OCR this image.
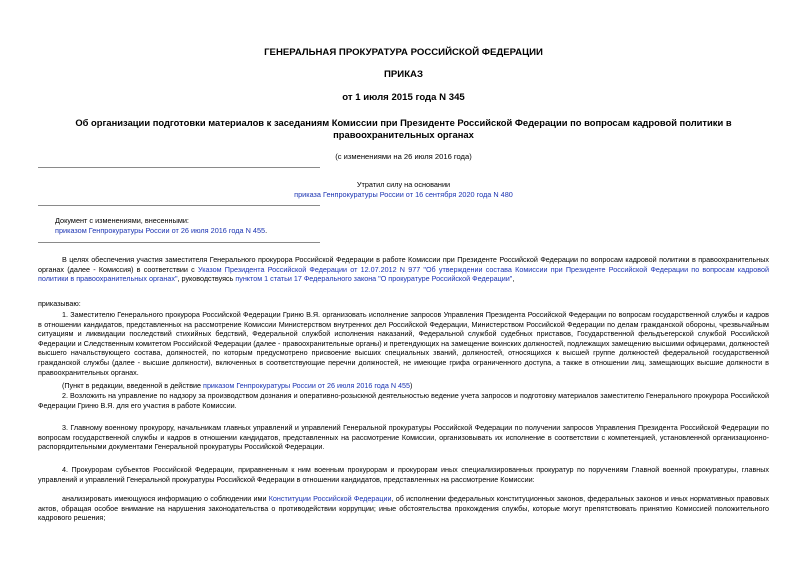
ГЕНЕРАЛЬНАЯ ПРОКУРАТУРА РОССИЙСКОЙ ФЕДЕРАЦИИ
ПРИКАЗ
от 1 июля 2015 года N 345
Об организации подготовки материалов к заседаниям Комиссии при Президенте Российской Федерации по вопросам кадровой политики в правоохранительных органах
(с изменениями на 26 июля 2016 года)
Утратил силу на основании
приказа Генпрокуратуры России от 16 сентября 2020 года N 480
Документ с изменениями, внесенными:
приказом Генпрокуратуры России от 26 июля 2016 года N 455.
В целях обеспечения участия заместителя Генерального прокурора Российской Федерации в работе Комиссии при Президенте Российской Федерации по вопросам кадровой политики в правоохранительных органах (далее - Комиссия) в соответствии с Указом Президента Российской Федерации от 12.07.2012 N 977 "Об утверждении состава Комиссии при Президенте Российской Федерации по вопросам кадровой политики в правоохранительных органах", руководствуясь пунктом 1 статьи 17 Федерального закона "О прокуратуре Российской Федерации",
приказываю:
1. Заместителю Генерального прокурора Российской Федерации Гриню В.Я. организовать исполнение запросов Управления Президента Российской Федерации по вопросам государственной службы и кадров в отношении кандидатов, представленных на рассмотрение Комиссии Министерством внутренних дел Российской Федерации, Министерством Российской Федерации по делам гражданской обороны, чрезвычайным ситуациям и ликвидации последствий стихийных бедствий, Федеральной службой исполнения наказаний, Федеральной службой судебных приставов, Государственной фельдъегерской службой Российской Федерации и Следственным комитетом Российской Федерации (далее - правоохранительные органы) и претендующих на замещение воинских должностей, подлежащих замещению высшими офицерами, должностей высшего начальствующего состава, должностей, по которым предусмотрено присвоение высших специальных званий, должностей, относящихся к высшей группе должностей федеральной государственной гражданской службы (далее - высшие должности), включенных в соответствующие перечни должностей, не имеющие грифа ограниченного доступа, а также в отношении лиц, замещающих высшие должности в правоохранительных органах.
(Пункт в редакции, введенной в действие приказом Генпрокуратуры России от 26 июля 2016 года N 455)
2. Возложить на управление по надзору за производством дознания и оперативно-розыскной деятельностью ведение учета запросов и подготовку материалов заместителю Генерального прокурора Российской Федерации Гриню В.Я. для его участия в работе Комиссии.
3. Главному военному прокурору, начальникам главных управлений и управлений Генеральной прокуратуры Российской Федерации по получении запросов Управления Президента Российской Федерации по вопросам государственной службы и кадров в отношении кандидатов, представленных на рассмотрение Комиссии, организовывать их исполнение в соответствии с компетенцией, установленной организационно-распорядительными документами Генеральной прокуратуры Российской Федерации.
4. Прокурорам субъектов Российской Федерации, приравненным к ним военным прокурорам и прокурорам иных специализированных прокуратур по поручениям Главной военной прокуратуры, главных управлений и управлений Генеральной прокуратуры Российской Федерации в отношении кандидатов, представленных на рассмотрение Комиссии:
анализировать имеющуюся информацию о соблюдении ими Конституции Российской Федерации, об исполнении федеральных конституционных законов, федеральных законов и иных нормативных правовых актов, обращая особое внимание на нарушения законодательства о противодействии коррупции; иные обстоятельства прохождения службы, которые могут препятствовать принятию Комиссией положительного кадрового решения;
